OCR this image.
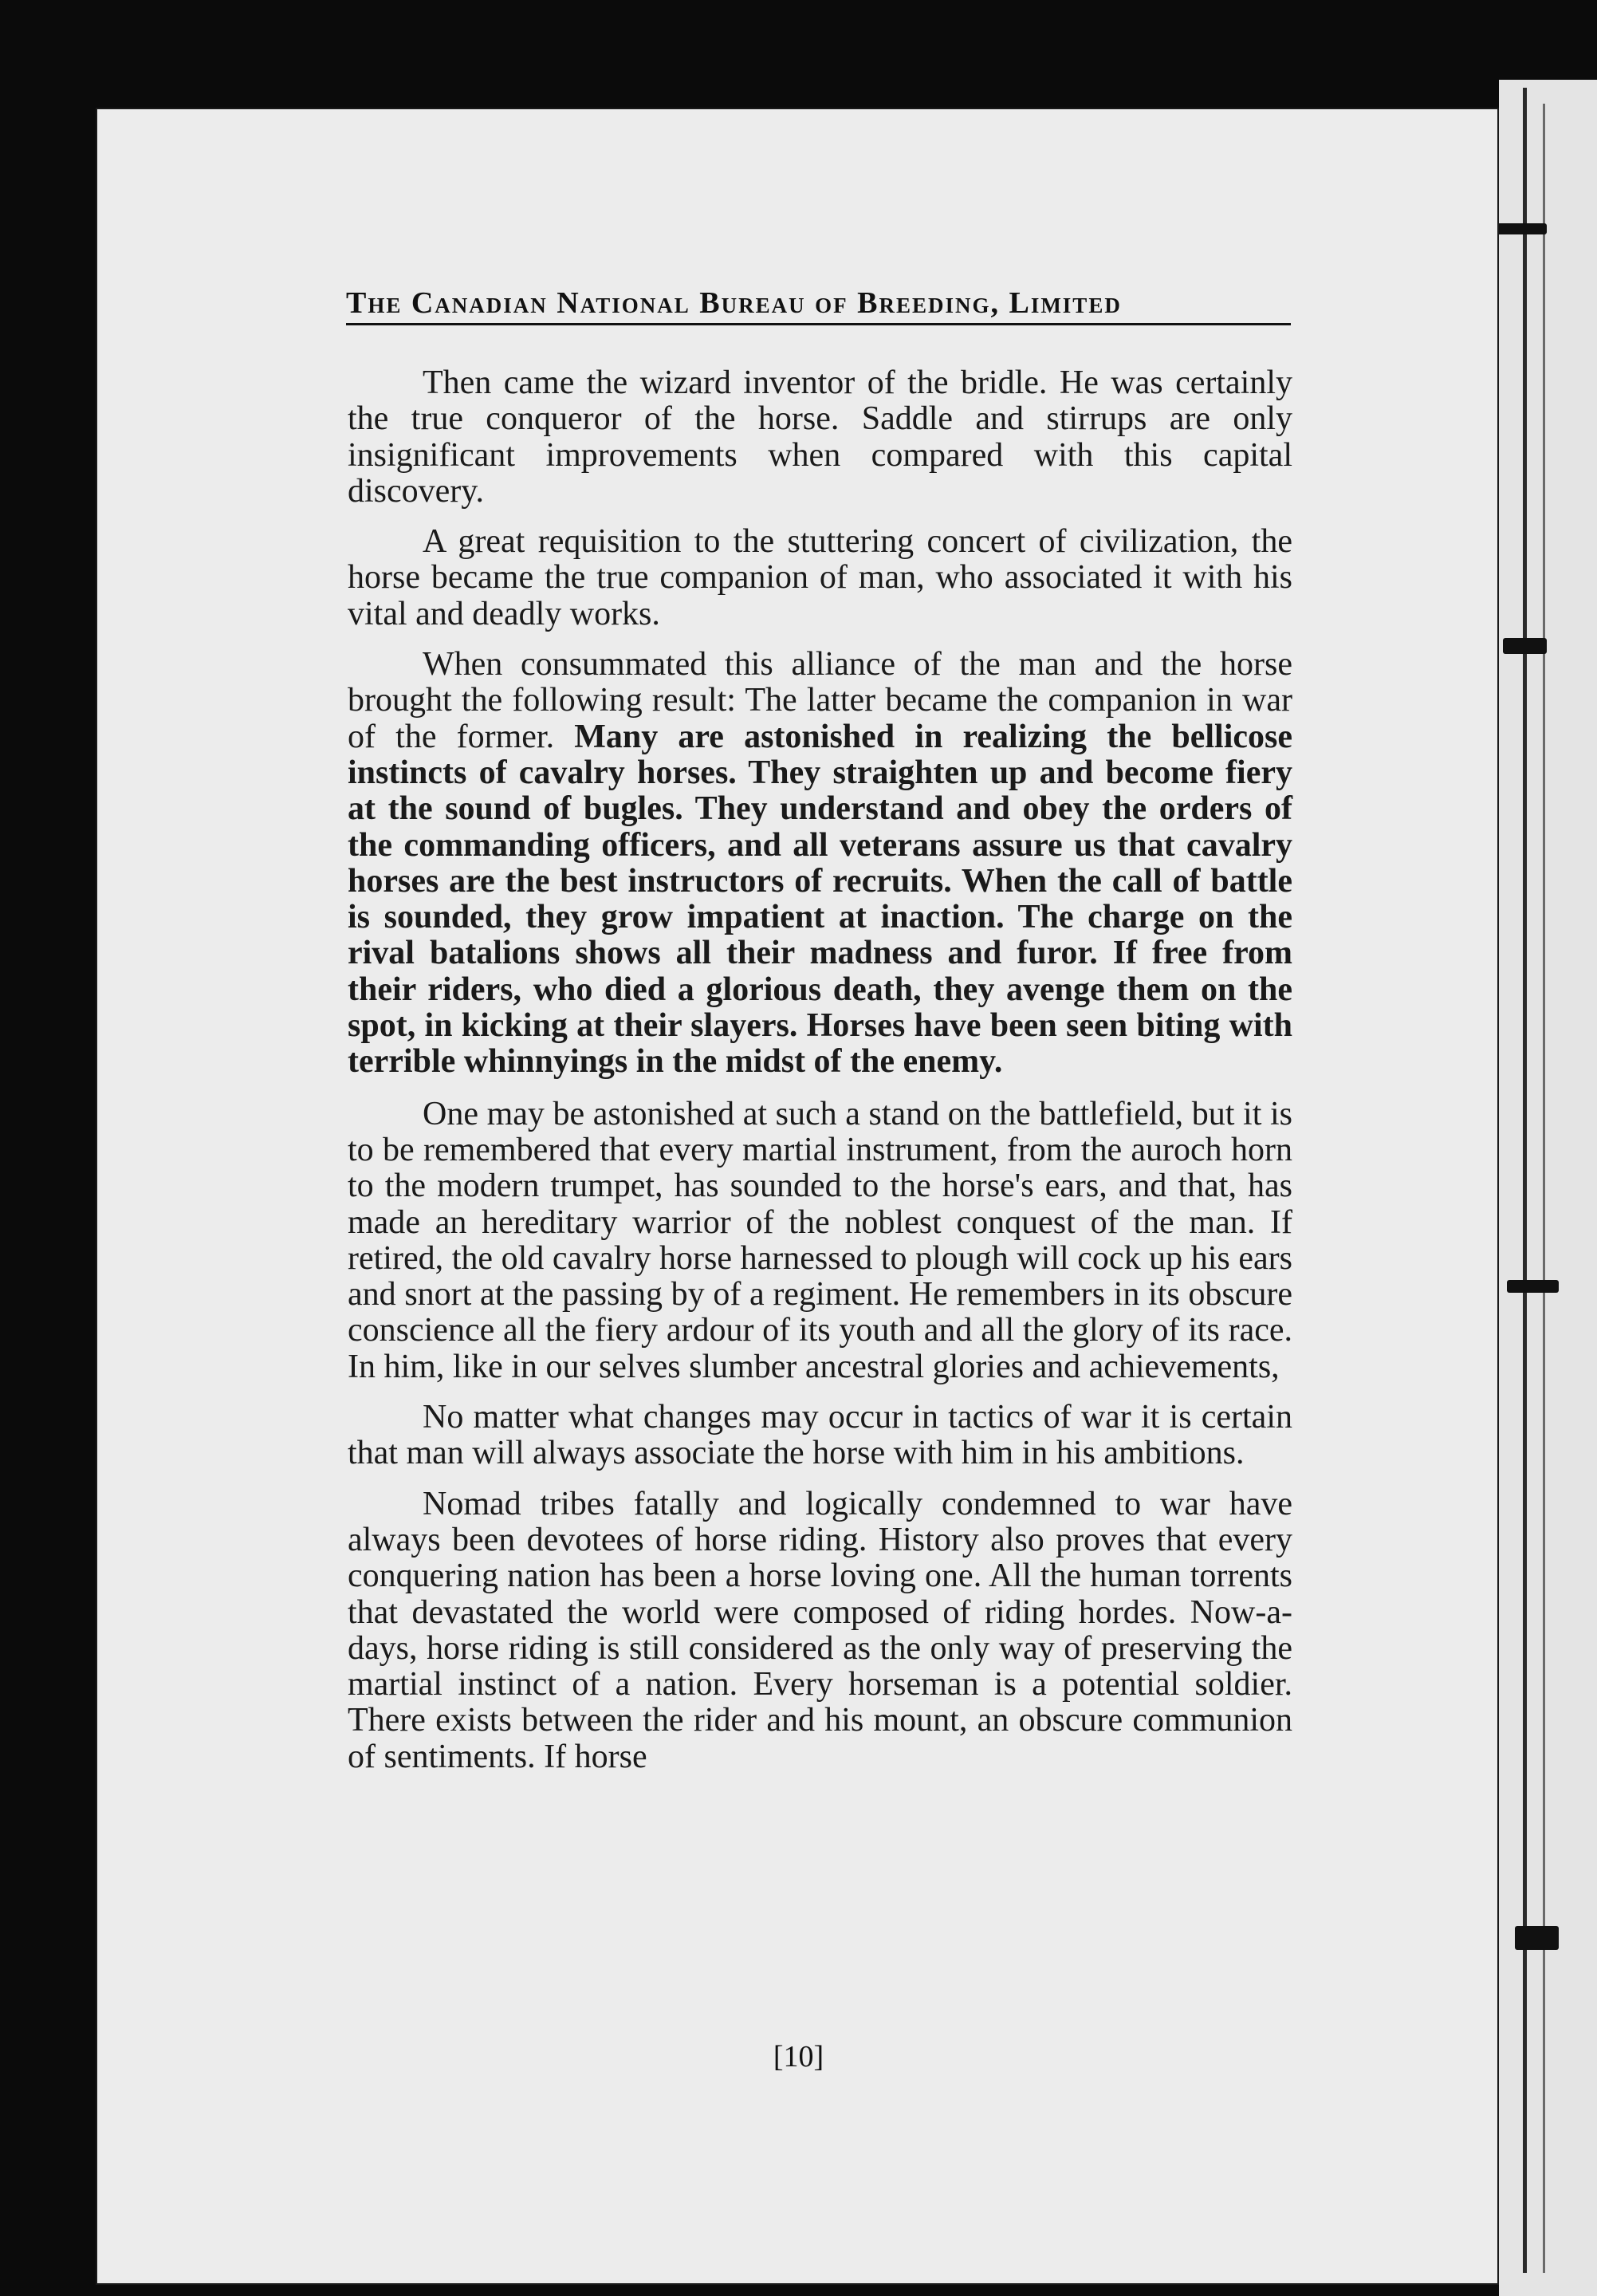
The Canadian National Bureau of Breeding, Limited

Then came the wizard inventor of the bridle. He was certainly the true conqueror of the horse. Saddle and stirrups are only insignificant improvements when compared with this capital discovery.

A great requisition to the stuttering concert of civilization, the horse became the true companion of man, who associated it with his vital and deadly works.

When consummated this alliance of the man and the horse brought the following result: The latter became the companion in war of the former. Many are astonished in realizing the bellicose instincts of cavalry horses. They straighten up and become fiery at the sound of bugles. They understand and obey the orders of the commanding officers, and all veterans assure us that cavalry horses are the best instructors of recruits. When the call of battle is sounded, they grow impatient at inaction. The charge on the rival batalions shows all their madness and furor. If free from their riders, who died a glorious death, they avenge them on the spot, in kicking at their slayers. Horses have been seen biting with terrible whinnyings in the midst of the enemy.

One may be astonished at such a stand on the battlefield, but it is to be remembered that every martial instrument, from the auroch horn to the modern trumpet, has sounded to the horse's ears, and that, has made an hereditary warrior of the noblest conquest of the man. If retired, the old cavalry horse harnessed to plough will cock up his ears and snort at the passing by of a regiment. He remembers in its obscure conscience all the fiery ardour of its youth and all the glory of its race. In him, like in our selves slumber ancestral glories and achievements,

No matter what changes may occur in tactics of war it is certain that man will always associate the horse with him in his ambitions.

Nomad tribes fatally and logically condemned to war have always been devotees of horse riding. History also proves that every conquering nation has been a horse loving one. All the human torrents that devastated the world were composed of riding hordes. Now-a-days, horse riding is still considered as the only way of preserving the martial instinct of a nation. Every horseman is a potential soldier. There exists between the rider and his mount, an obscure communion of sentiments. If horse

[10]
